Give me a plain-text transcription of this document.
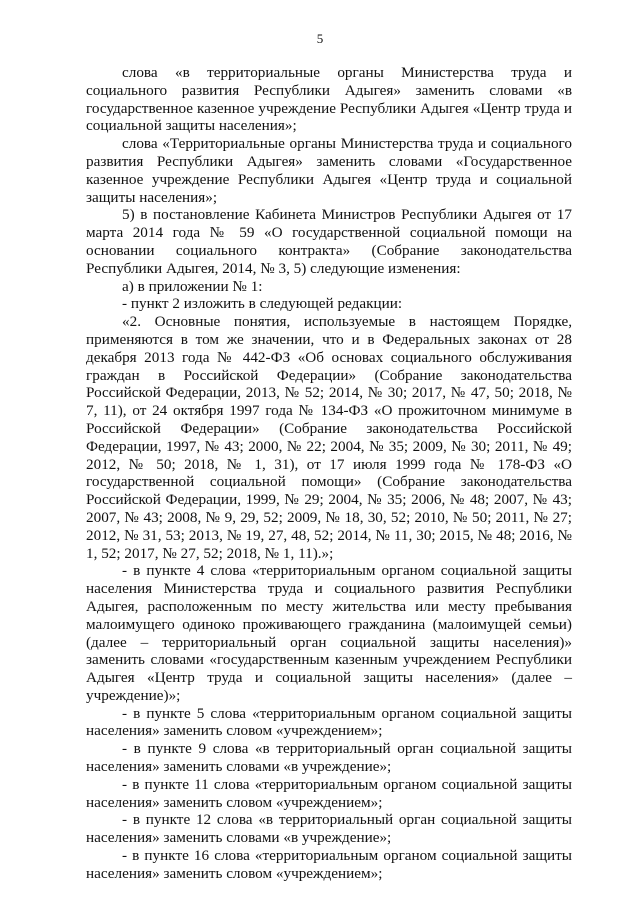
5

слова «в территориальные органы Министерства труда и социального развития Республики Адыгея» заменить словами «в государственное казенное учреждение Республики Адыгея «Центр труда и социальной защиты населения»;

слова «Территориальные органы Министерства труда и социального развития Республики Адыгея» заменить словами «Государственное казенное учреждение Республики Адыгея «Центр труда и социальной защиты населения»;

5) в постановление Кабинета Министров Республики Адыгея от 17 марта 2014 года № 59 «О государственной социальной помощи на основании социального контракта» (Собрание законодательства Республики Адыгея, 2014, № 3, 5) следующие изменения:

а) в приложении № 1:

- пункт 2 изложить в следующей редакции:

«2. Основные понятия, используемые в настоящем Порядке, применяются в том же значении, что и в Федеральных законах от 28 декабря 2013 года № 442-ФЗ «Об основах социального обслуживания граждан в Российской Федерации» (Собрание законодательства Российской Федерации, 2013, № 52; 2014, № 30; 2017, № 47, 50; 2018, № 7, 11), от 24 октября 1997 года № 134-ФЗ «О прожиточном минимуме в Российской Федерации» (Собрание законодательства Российской Федерации, 1997, № 43; 2000, № 22; 2004, № 35; 2009, № 30; 2011, № 49; 2012, № 50; 2018, № 1, 31), от 17 июля 1999 года № 178-ФЗ «О государственной социальной помощи» (Собрание законодательства Российской Федерации, 1999, № 29; 2004, № 35; 2006, № 48; 2007, № 43; 2007, № 43; 2008, № 9, 29, 52; 2009, № 18, 30, 52; 2010, № 50; 2011, № 27; 2012, № 31, 53; 2013, № 19, 27, 48, 52; 2014, № 11, 30; 2015, № 48; 2016, № 1, 52; 2017, № 27, 52; 2018, № 1, 11).»;

- в пункте 4 слова «территориальным органом социальной защиты населения Министерства труда и социального развития Республики Адыгея, расположенным по месту жительства или месту пребывания малоимущего одиноко проживающего гражданина (малоимущей семьи) (далее – территориальный орган социальной защиты населения)» заменить словами «государственным казенным учреждением Республики Адыгея «Центр труда и социальной защиты населения» (далее – учреждение)»;

- в пункте 5 слова «территориальным органом социальной защиты населения» заменить словом «учреждением»;

- в пункте 9 слова «в территориальный орган социальной защиты населения» заменить словами «в учреждение»;

- в пункте 11 слова «территориальным органом социальной защиты населения» заменить словом «учреждением»;

- в пункте 12 слова «в территориальный орган социальной защиты населения» заменить словами «в учреждение»;

- в пункте 16 слова «территориальным органом социальной защиты населения» заменить словом «учреждением»;
